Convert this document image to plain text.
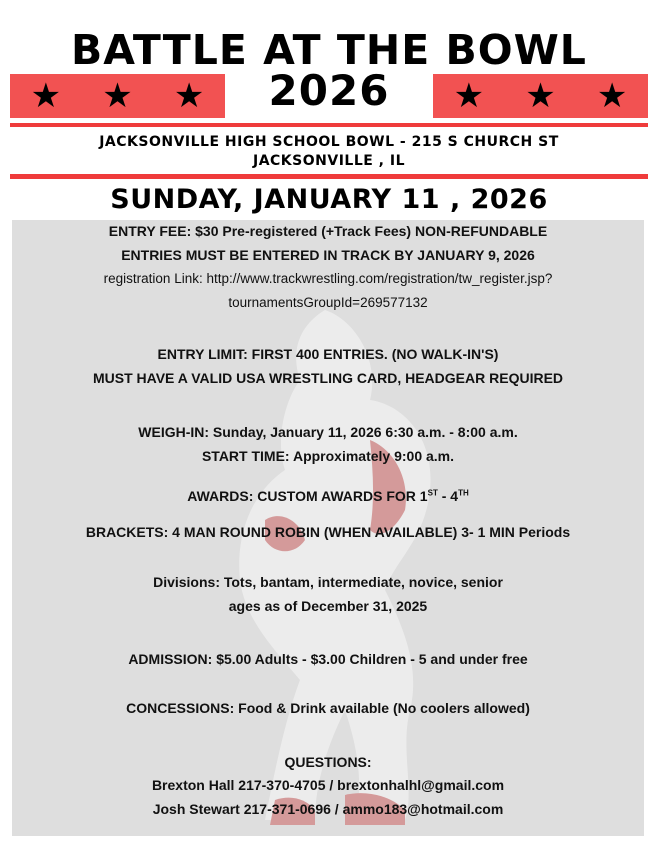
BATTLE AT THE BOWL
★ ★ ★	★ ★ ★
2026
JACKSONVILLE HIGH SCHOOL BOWL - 215 S CHURCH ST
JACKSONVILLE , IL
SUNDAY, JANUARY 11 , 2026
ENTRY FEE: $30 Pre-registered (+Track Fees) NON-REFUNDABLE
ENTRIES MUST BE ENTERED IN TRACK BY JANUARY 9, 2026
registration Link: http://www.trackwrestling.com/registration/tw_register.jsp?
tournamentsGroupId=269577132
ENTRY LIMIT: FIRST 400 ENTRIES. (NO WALK-IN'S)
MUST HAVE A VALID USA WRESTLING CARD, HEADGEAR REQUIRED
WEIGH-IN: Sunday, January 11, 2026 6:30 a.m. - 8:00 a.m.
START TIME: Approximately 9:00 a.m.
AWARDS: CUSTOM AWARDS FOR 1ST - 4TH
BRACKETS: 4 MAN ROUND ROBIN (WHEN AVAILABLE) 3- 1 MIN Periods
Divisions: Tots, bantam, intermediate, novice, senior
ages as of December 31, 2025
ADMISSION: $5.00 Adults - $3.00 Children - 5 and under free
CONCESSIONS: Food & Drink available (No coolers allowed)
QUESTIONS:
Brexton Hall 217-370-4705 / brextonhalhl@gmail.com
Josh Stewart 217-371-0696 / ammo183@hotmail.com
